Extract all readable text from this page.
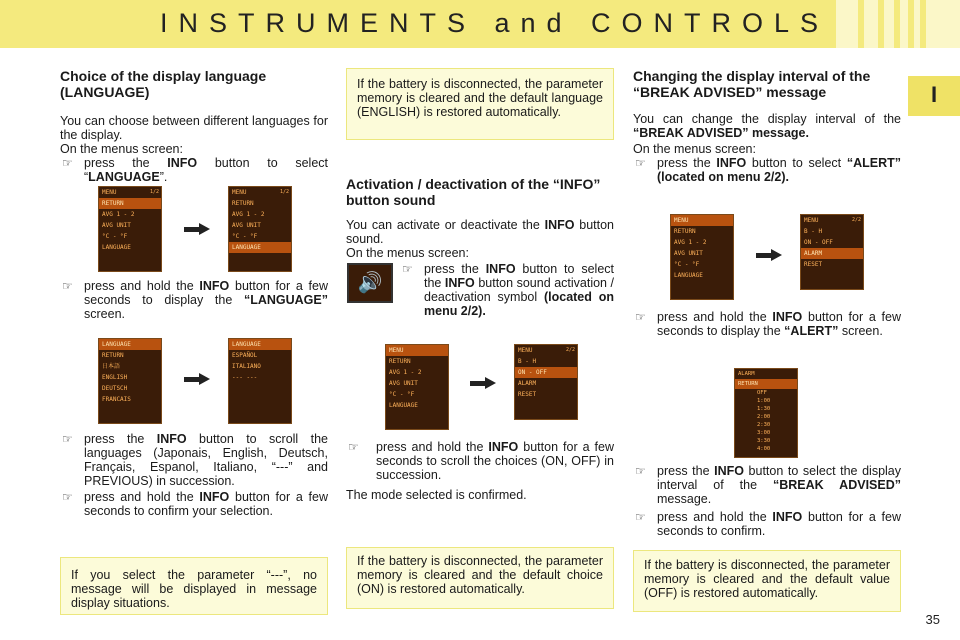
INSTRUMENTS and CONTROLS
I
Choice of the display language (LANGUAGE)

You can choose between different languages for the display.

On the menus screen:

☞ press the INFO button to select “LANGUAGE”.

☞ press and hold the INFO button for a few seconds to display the “LANGUAGE” screen.

☞ press the INFO button to scroll the languages (Japonais, English, Deutsch, Français, Espanol, Italiano, “---” and PREVIOUS) in succession.

☞ press and hold the INFO button for a few seconds to confirm your selection.

If you select the parameter “---”, no message will be displayed in message display situations.
1/2
MENU
RETURN
AVG 1 - 2
AVG UNIT
°C - °F
LANGUAGE
1/2
MENU
RETURN
AVG 1 - 2
AVG UNIT
°C - °F
LANGUAGE
LANGUAGE
RETURN
日本語
ENGLISH
DEUTSCH
FRANCAIS
LANGUAGE
ESPAÑOL
ITALIANO
--- ---
If the battery is disconnected, the parameter memory is cleared and the default language (ENGLISH) is restored automatically.
Activation / deactivation of the “INFO” button sound

You can activate or deactivate the INFO button sound.

On the menus screen:

🔊

☞ press the INFO button to select the INFO button sound activation / deactivation symbol (located on menu 2/2).

MENU
RETURN
AVG 1 - 2
AVG UNIT
°C - °F
LANGUAGE
2/2
MENU
B - H
ON - OFF
ALARM
RESET

☞ press and hold the INFO button for a few seconds to scroll the choices (ON, OFF) in succession.

The mode selected is confirmed.

If the battery is disconnected, the parameter memory is cleared and the default choice (ON) is restored automatically.
Changing the display interval of the “BREAK ADVISED” message

You can change the display interval of the “BREAK ADVISED” message.

On the menus screen:

☞ press the INFO button to select “ALERT” (located on menu 2/2).

MENU
RETURN
AVG 1 - 2
AVG UNIT
°C - °F
LANGUAGE
2/2
MENU
B - H
ON - OFF
ALARM
RESET

☞ press and hold the INFO button for a few seconds to display the “ALERT” screen.

ALARM
RETURN
OFF
1:00
1:30
2:00
2:30
3:00
3:30
4:00

☞ press the INFO button to select the display interval of the “BREAK ADVISED” message.

☞ press and hold the INFO button for a few seconds to confirm.

If the battery is disconnected, the parameter memory is cleared and the default value (OFF) is restored automatically.
35
